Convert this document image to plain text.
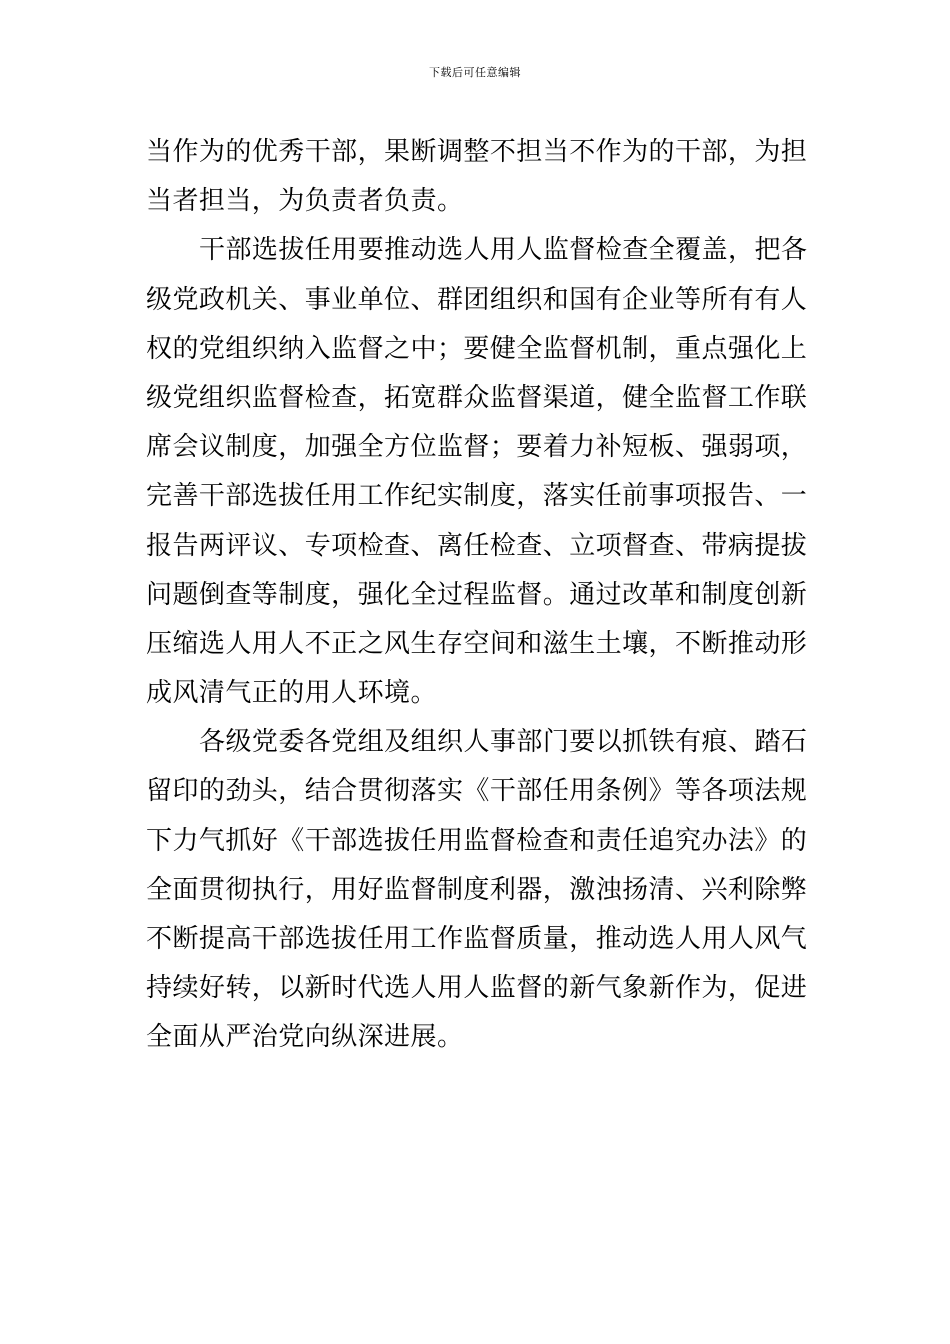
下载后可任意编辑
当作为的优秀干部，果断调整不担当不作为的干部，为担
当者担当，为负责者负责。
干部选拔任用要推动选人用人监督检查全覆盖，把各
级党政机关、事业单位、群团组织和国有企业等所有有人
权的党组织纳入监督之中；要健全监督机制，重点强化上
级党组织监督检查，拓宽群众监督渠道，健全监督工作联
席会议制度，加强全方位监督；要着力补短板、强弱项，
完善干部选拔任用工作纪实制度，落实任前事项报告、一
报告两评议、专项检查、离任检查、立项督查、带病提拔
问题倒查等制度，强化全过程监督。通过改革和制度创新
压缩选人用人不正之风生存空间和滋生土壤，不断推动形
成风清气正的用人环境。
各级党委各党组及组织人事部门要以抓铁有痕、踏石
留印的劲头，结合贯彻落实《干部任用条例》等各项法规
下力气抓好《干部选拔任用监督检查和责任追究办法》的
全面贯彻执行，用好监督制度利器，激浊扬清、兴利除弊
不断提高干部选拔任用工作监督质量，推动选人用人风气
持续好转，以新时代选人用人监督的新气象新作为，促进
全面从严治党向纵深进展。
